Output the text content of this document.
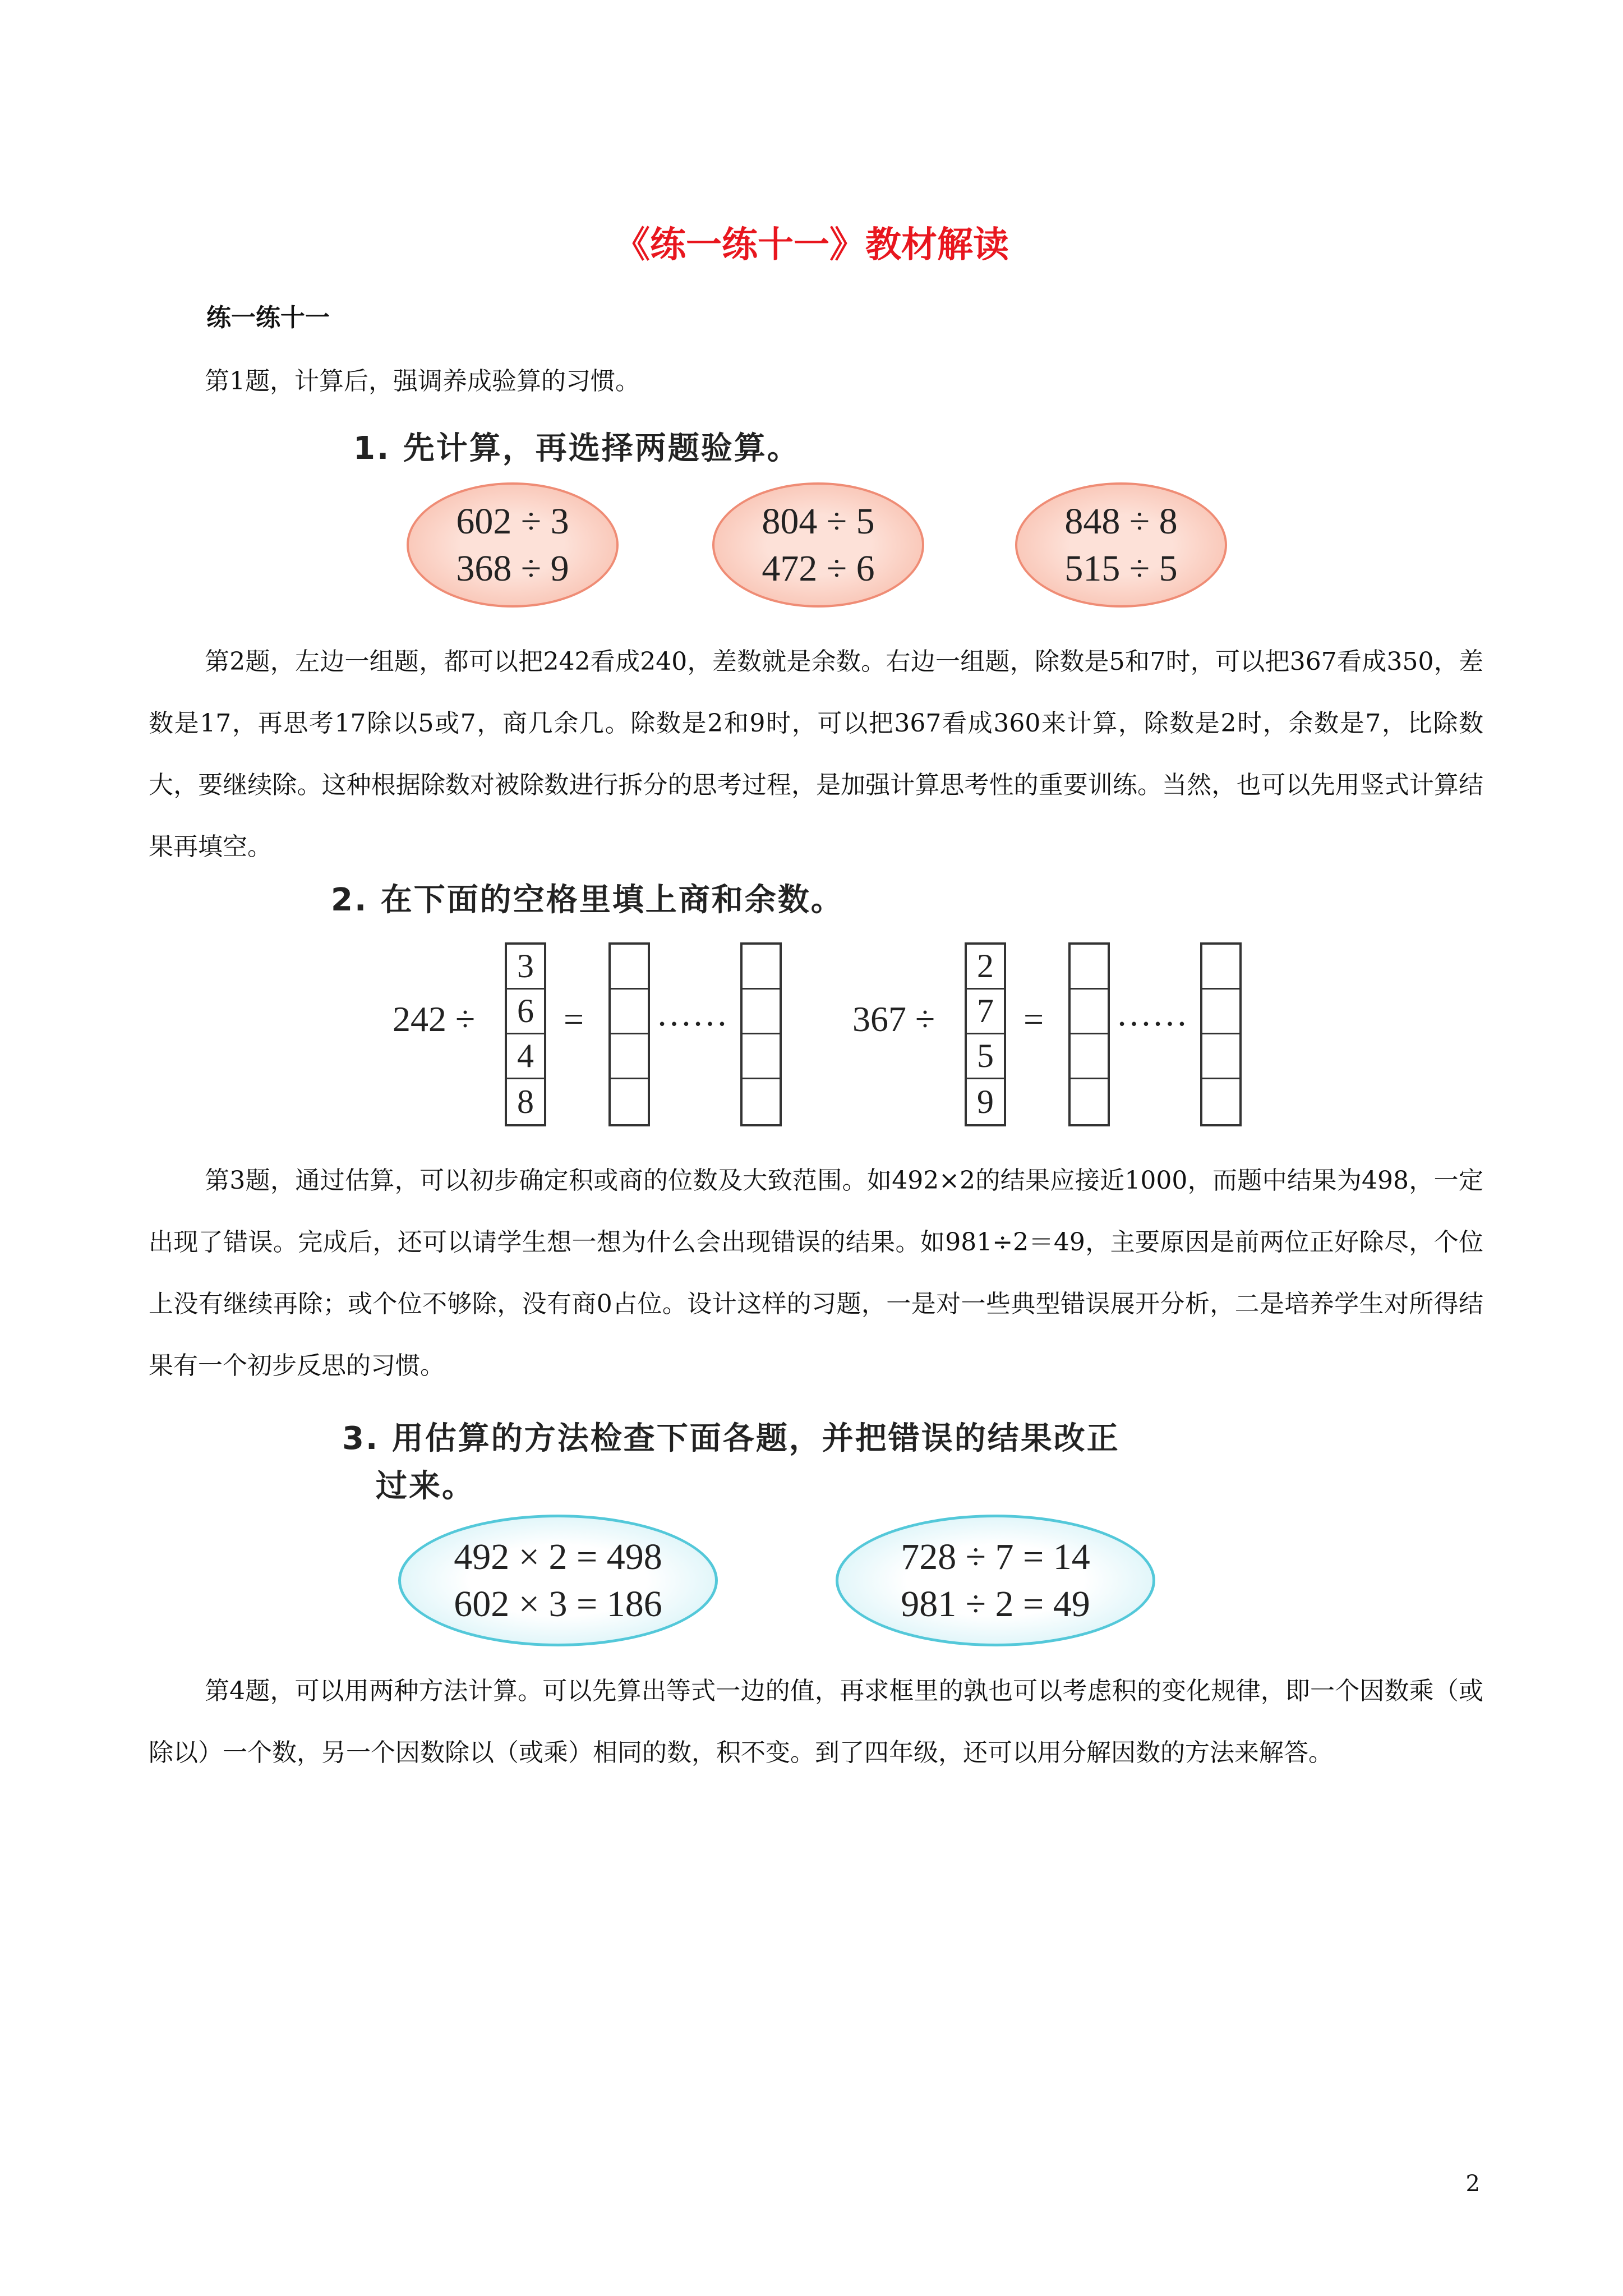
《练一练十一》教材解读
练一练十一
第1题，计算后，强调养成验算的习惯。
1. 先计算，再选择两题验算。
602 ÷ 3
368 ÷ 9
804 ÷ 5
472 ÷ 6
848 ÷ 8
515 ÷ 5
第2题，左边一组题，都可以把242看成240，差数就是余数。右边一组题，除数是5和7时，可以把367看成350，差数是17，再思考17除以5或7，商几余几。除数是2和9时，可以把367看成360来计算，除数是2时，余数是7，比除数大，要继续除。这种根据除数对被除数进行拆分的思考过程，是加强计算思考性的重要训练。当然，也可以先用竖式计算结果再填空。
2. 在下面的空格里填上商和余数。
242 ÷
3
6
4
8
= ……	367 ÷
2
7
5
9
= ……
第3题，通过估算，可以初步确定积或商的位数及大致范围。如492×2的结果应接近1000，而题中结果为498，一定出现了错误。完成后，还可以请学生想一想为什么会出现错误的结果。如981÷2＝49，主要原因是前两位正好除尽，个位上没有继续再除；或个位不够除，没有商0占位。设计这样的习题，一是对一些典型错误展开分析，二是培养学生对所得结果有一个初步反思的习惯。
3. 用估算的方法检查下面各题，并把错误的结果改正
过来。
492 × 2 = 498
602 × 3 = 186
728 ÷ 7 = 14
981 ÷ 2 = 49
第4题，可以用两种方法计算。可以先算出等式一边的值，再求框里的孰也可以考虑积的变化规律，即一个因数乘（或除以）一个数，另一个因数除以（或乘）相同的数，积不变。到了四年级，还可以用分解因数的方法来解答。
2
